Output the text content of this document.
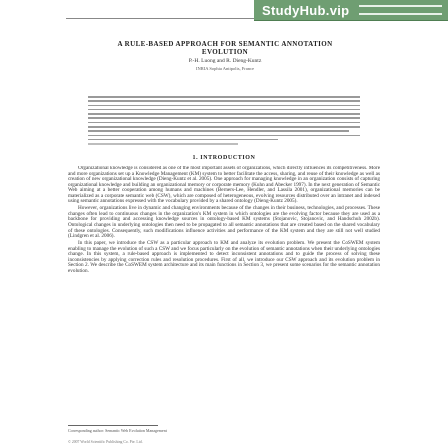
StudyHub.vip
A RULE-BASED APPROACH FOR SEMANTIC ANNOTATION EVOLUTION
P.-H. Luong and R. Dieng-Kuntz
INRIA Sophia Antipolis, France
1. INTRODUCTION

Organizational knowledge is considered as one of the most important assets of organizations, which directly influences its competitiveness. More and more organizations set up a Knowledge Management (KM) system to better facilitate the access, sharing, and reuse of their knowledge as well as creation of new organizational knowledge (Dieng-Kuntz et al. 2005). One approach for managing knowledge in an organization consists of capturing organizational knowledge and building an organizational memory or corporate memory (Kuhn and Abecker 1997). In the next generation of Semantic Web aiming at a better cooperation among humans and machines (Berners-Lee, Hendler, and Lassila 2001), organizational memories can be materialized as a corporate semantic web (CSW), which are composed of heterogeneous, evolving resources distributed over an intranet and indexed using semantic annotations expressed with the vocabulary provided by a shared ontology (Dieng-Kuntz 2005).

However, organizations live in dynamic and changing environments because of the changes in their business, technologies, and processes. These changes often lead to continuous changes in the organization's KM system in which ontologies are the evolving factor because they are used as a backbone for providing and accessing knowledge sources in ontology-based KM systems (Stojanovic, Stojanovic, and Handschuh 2002b). Ontological changes in underlying ontologies then need to be propagated to all semantic annotations that are created based on the shared vocabulary of these ontologies. Consequently, such modifications influence activities and performance of the KM system and they are still not well studied (Lindgren et al. 2006).

In this paper, we introduce the CSW as a particular approach to KM and analyze its evolution problem. We present the CoSWEM system enabling to manage the evolution of such a CSW and we focus particularly on the evolution of semantic annotations when their underlying ontologies change. In this system, a rule-based approach is implemented to detect inconsistent annotations and to guide the process of solving these inconsistencies by applying correction rules and resolution procedures. First of all, we introduce our CSW approach and its evolution problem in Section 2. We describe the CoSWEM system architecture and its main functions in Section 3, we present some scenarios for the semantic annotation evolution.

Corresponding author: Semantic Web Evolution Management
© 2007 World Scientific Publishing Co. Pte. Ltd.
